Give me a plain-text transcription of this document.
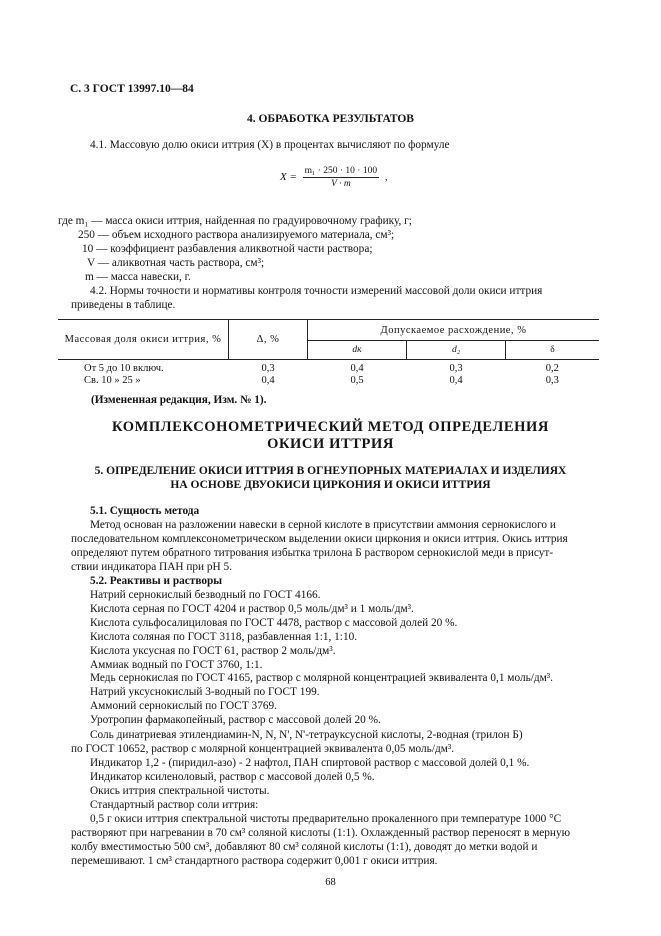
С. 3 ГОСТ 13997.10—84
4. ОБРАБОТКА РЕЗУЛЬТАТОВ
4.1. Массовую долю окиси иттрия (X) в процентах вычисляют по формуле
$X = \frac{\text{m₁ · 250 · 10 · 100}}{V \cdot m}$ ,
где m₁ — масса окиси иттрия, найденная по градуировочному графику, г;
250 — объем исходного раствора анализируемого материала, см³;
10 — коэффициент разбавления аликвотной части раствора;
V — аликвотная часть раствора, см³;
m — масса навески, г.
4.2. Нормы точности и нормативы контроля точности измерений массовой доли окиси иттрия
приведены в таблице.
Массовая доля окиси иттрия, %	Δ, %	Допускаемое расхождение, %		
		dк	d₂	δ
От 5 до 10 включ.	0,3	0,4	0,3	0,2
Св. 10 » 25 »	0,4	0,5	0,4	0,3
(Измененная редакция, Изм. № 1).
КОМПЛЕКСОНОМЕТРИЧЕСКИЙ МЕТОД ОПРЕДЕЛЕНИЯ
ОКИСИ ИТТРИЯ
5. ОПРЕДЕЛЕНИЕ ОКИСИ ИТТРИЯ В ОГНЕУПОРНЫХ МАТЕРИАЛАХ И ИЗДЕЛИЯХ
НА ОСНОВЕ ДВУОКИСИ ЦИРКОНИЯ И ОКИСИ ИТТРИЯ
5.1. Сущность метода
Метод основан на разложении навески в серной кислоте в присутствии аммония сернокислого и
последовательном комплексонометрическом выделении окиси циркония и окиси иттрия. Окись иттрия
определяют путем обратного титрования избытка трилона Б раствором сернокислой меди в присут-
ствии индикатора ПАН при pH 5.
5.2. Реактивы и растворы
Натрий сернокислый безводный по ГОСТ 4166.
Кислота серная по ГОСТ 4204 и раствор 0,5 моль/дм³ и 1 моль/дм³.
Кислота сульфосалициловая по ГОСТ 4478, раствор с массовой долей 20 %.
Кислота соляная по ГОСТ 3118, разбавленная 1:1, 1:10.
Кислота уксусная по ГОСТ 61, раствор 2 моль/дм³.
Аммиак водный по ГОСТ 3760, 1:1.
Медь сернокислая по ГОСТ 4165, раствор с молярной концентрацией эквивалента 0,1 моль/дм³.
Натрий уксуснокислый 3-водный по ГОСТ 199.
Аммоний сернокислый по ГОСТ 3769.
Уротропин фармакопейный, раствор с массовой долей 20 %.
Соль динатриевая этилендиамин-N, N, N', N'-тетрауксусной кислоты, 2-водная (трилон Б)
по ГОСТ 10652, раствор с молярной концентрацией эквивалента 0,05 моль/дм³.
Индикатор 1,2 - (пиридил-азо) - 2 нафтол, ПАН спиртовой раствор с массовой долей 0,1 %.
Индикатор ксиленоловый, раствор с массовой долей 0,5 %.
Окись иттрия спектральной чистоты.
Стандартный раствор соли иттрия:
0,5 г окиси иттрия спектральной чистоты предварительно прокаленного при температуре 1000 °С
растворяют при нагревании в 70 см³ соляной кислоты (1:1). Охлажденный раствор переносят в мерную
колбу вместимостью 500 см³, добавляют 80 см³ соляной кислоты (1:1), доводят до метки водой и
перемешивают. 1 см³ стандартного раствора содержит 0,001 г окиси иттрия.
68
